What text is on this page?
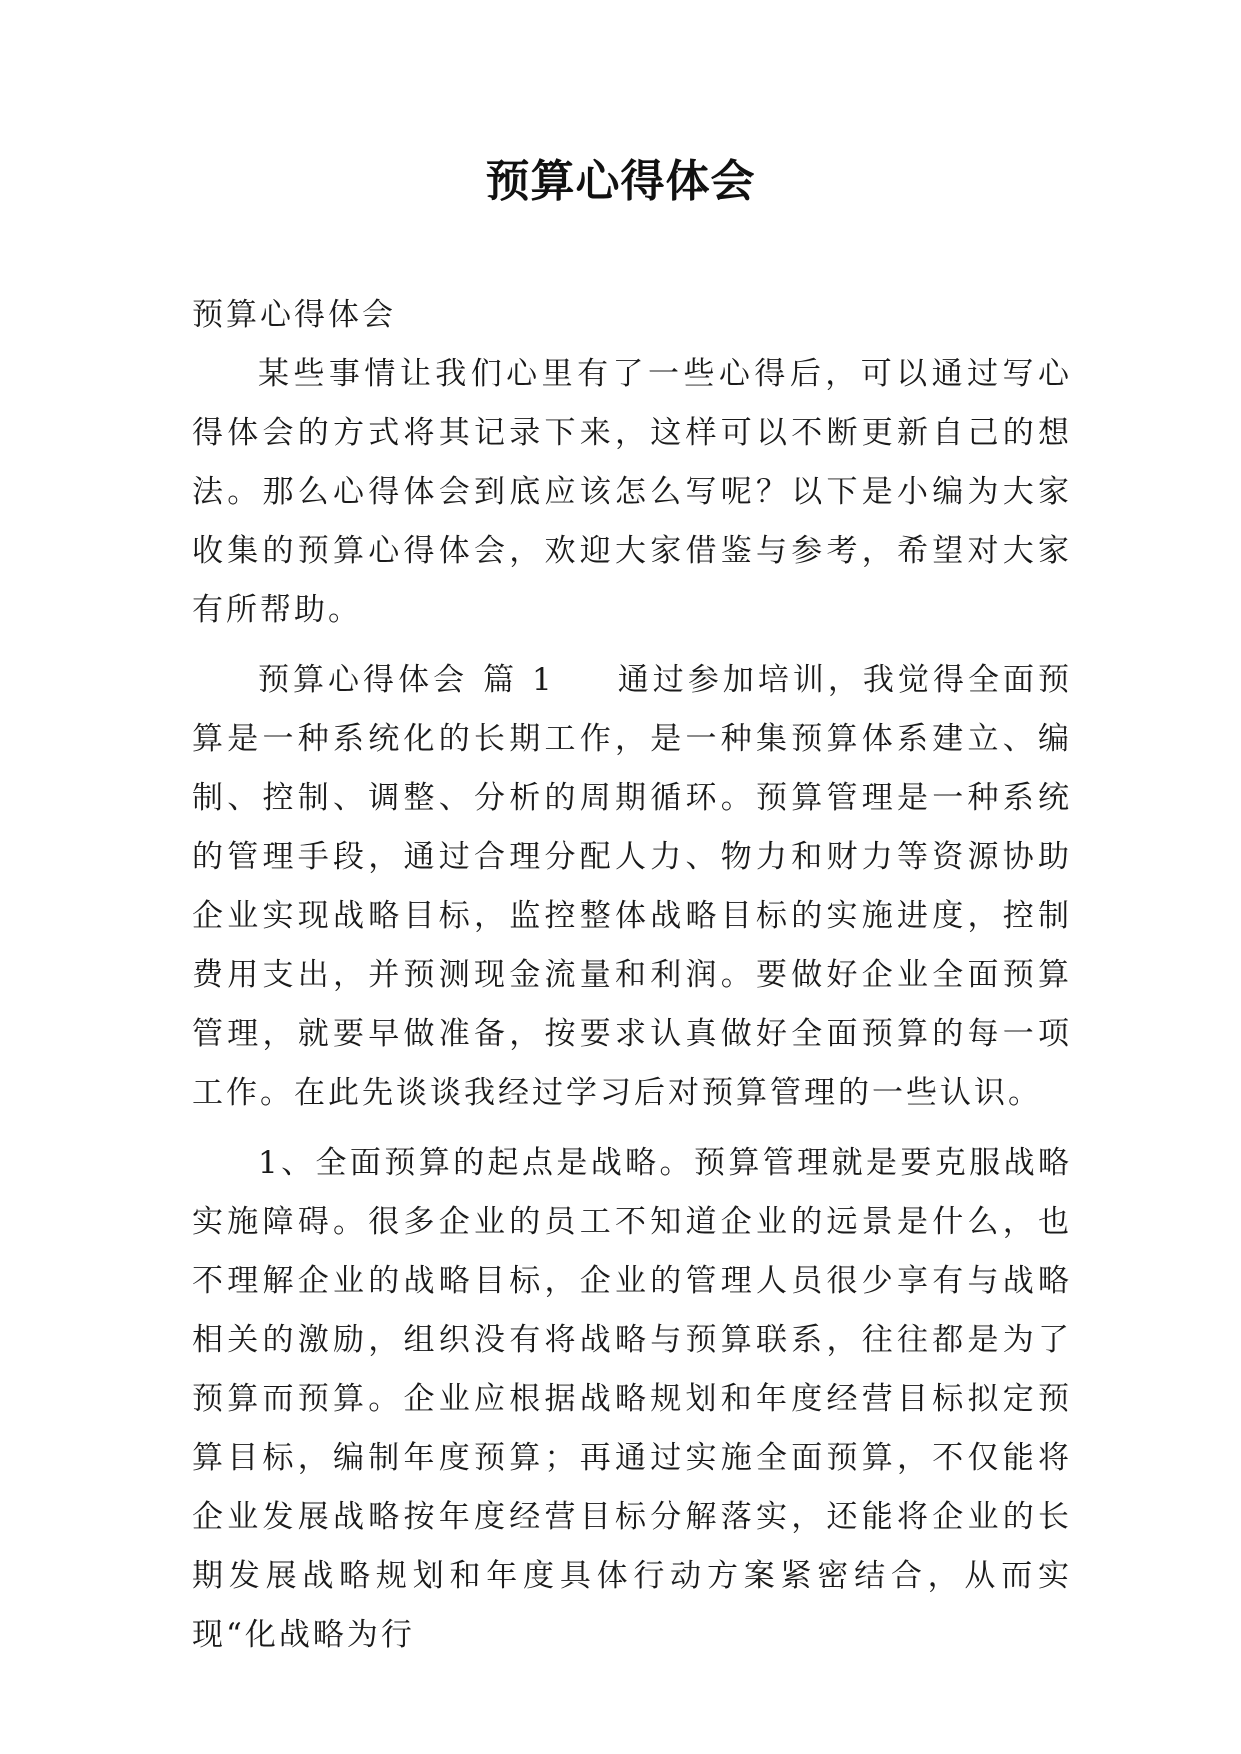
预算心得体会

预算心得体会

某些事情让我们心里有了一些心得后，可以通过写心得体会的方式将其记录下来，这样可以不断更新自己的想法。那么心得体会到底应该怎么写呢？以下是小编为大家收集的预算心得体会，欢迎大家借鉴与参考，希望对大家有所帮助。

预算心得体会 篇 1 通过参加培训，我觉得全面预算是一种系统化的长期工作，是一种集预算体系建立、编制、控制、调整、分析的周期循环。预算管理是一种系统的管理手段，通过合理分配人力、物力和财力等资源协助企业实现战略目标，监控整体战略目标的实施进度，控制费用支出，并预测现金流量和利润。要做好企业全面预算管理，就要早做准备，按要求认真做好全面预算的每一项工作。在此先谈谈我经过学习后对预算管理的一些认识。

1、全面预算的起点是战略。预算管理就是要克服战略实施障碍。很多企业的员工不知道企业的远景是什么，也不理解企业的战略目标，企业的管理人员很少享有与战略相关的激励，组织没有将战略与预算联系，往往都是为了预算而预算。企业应根据战略规划和年度经营目标拟定预算目标，编制年度预算；再通过实施全面预算，不仅能将企业发展战略按年度经营目标分解落实，还能将企业的长期发展战略规划和年度具体行动方案紧密结合，从而实现“化战略为行
